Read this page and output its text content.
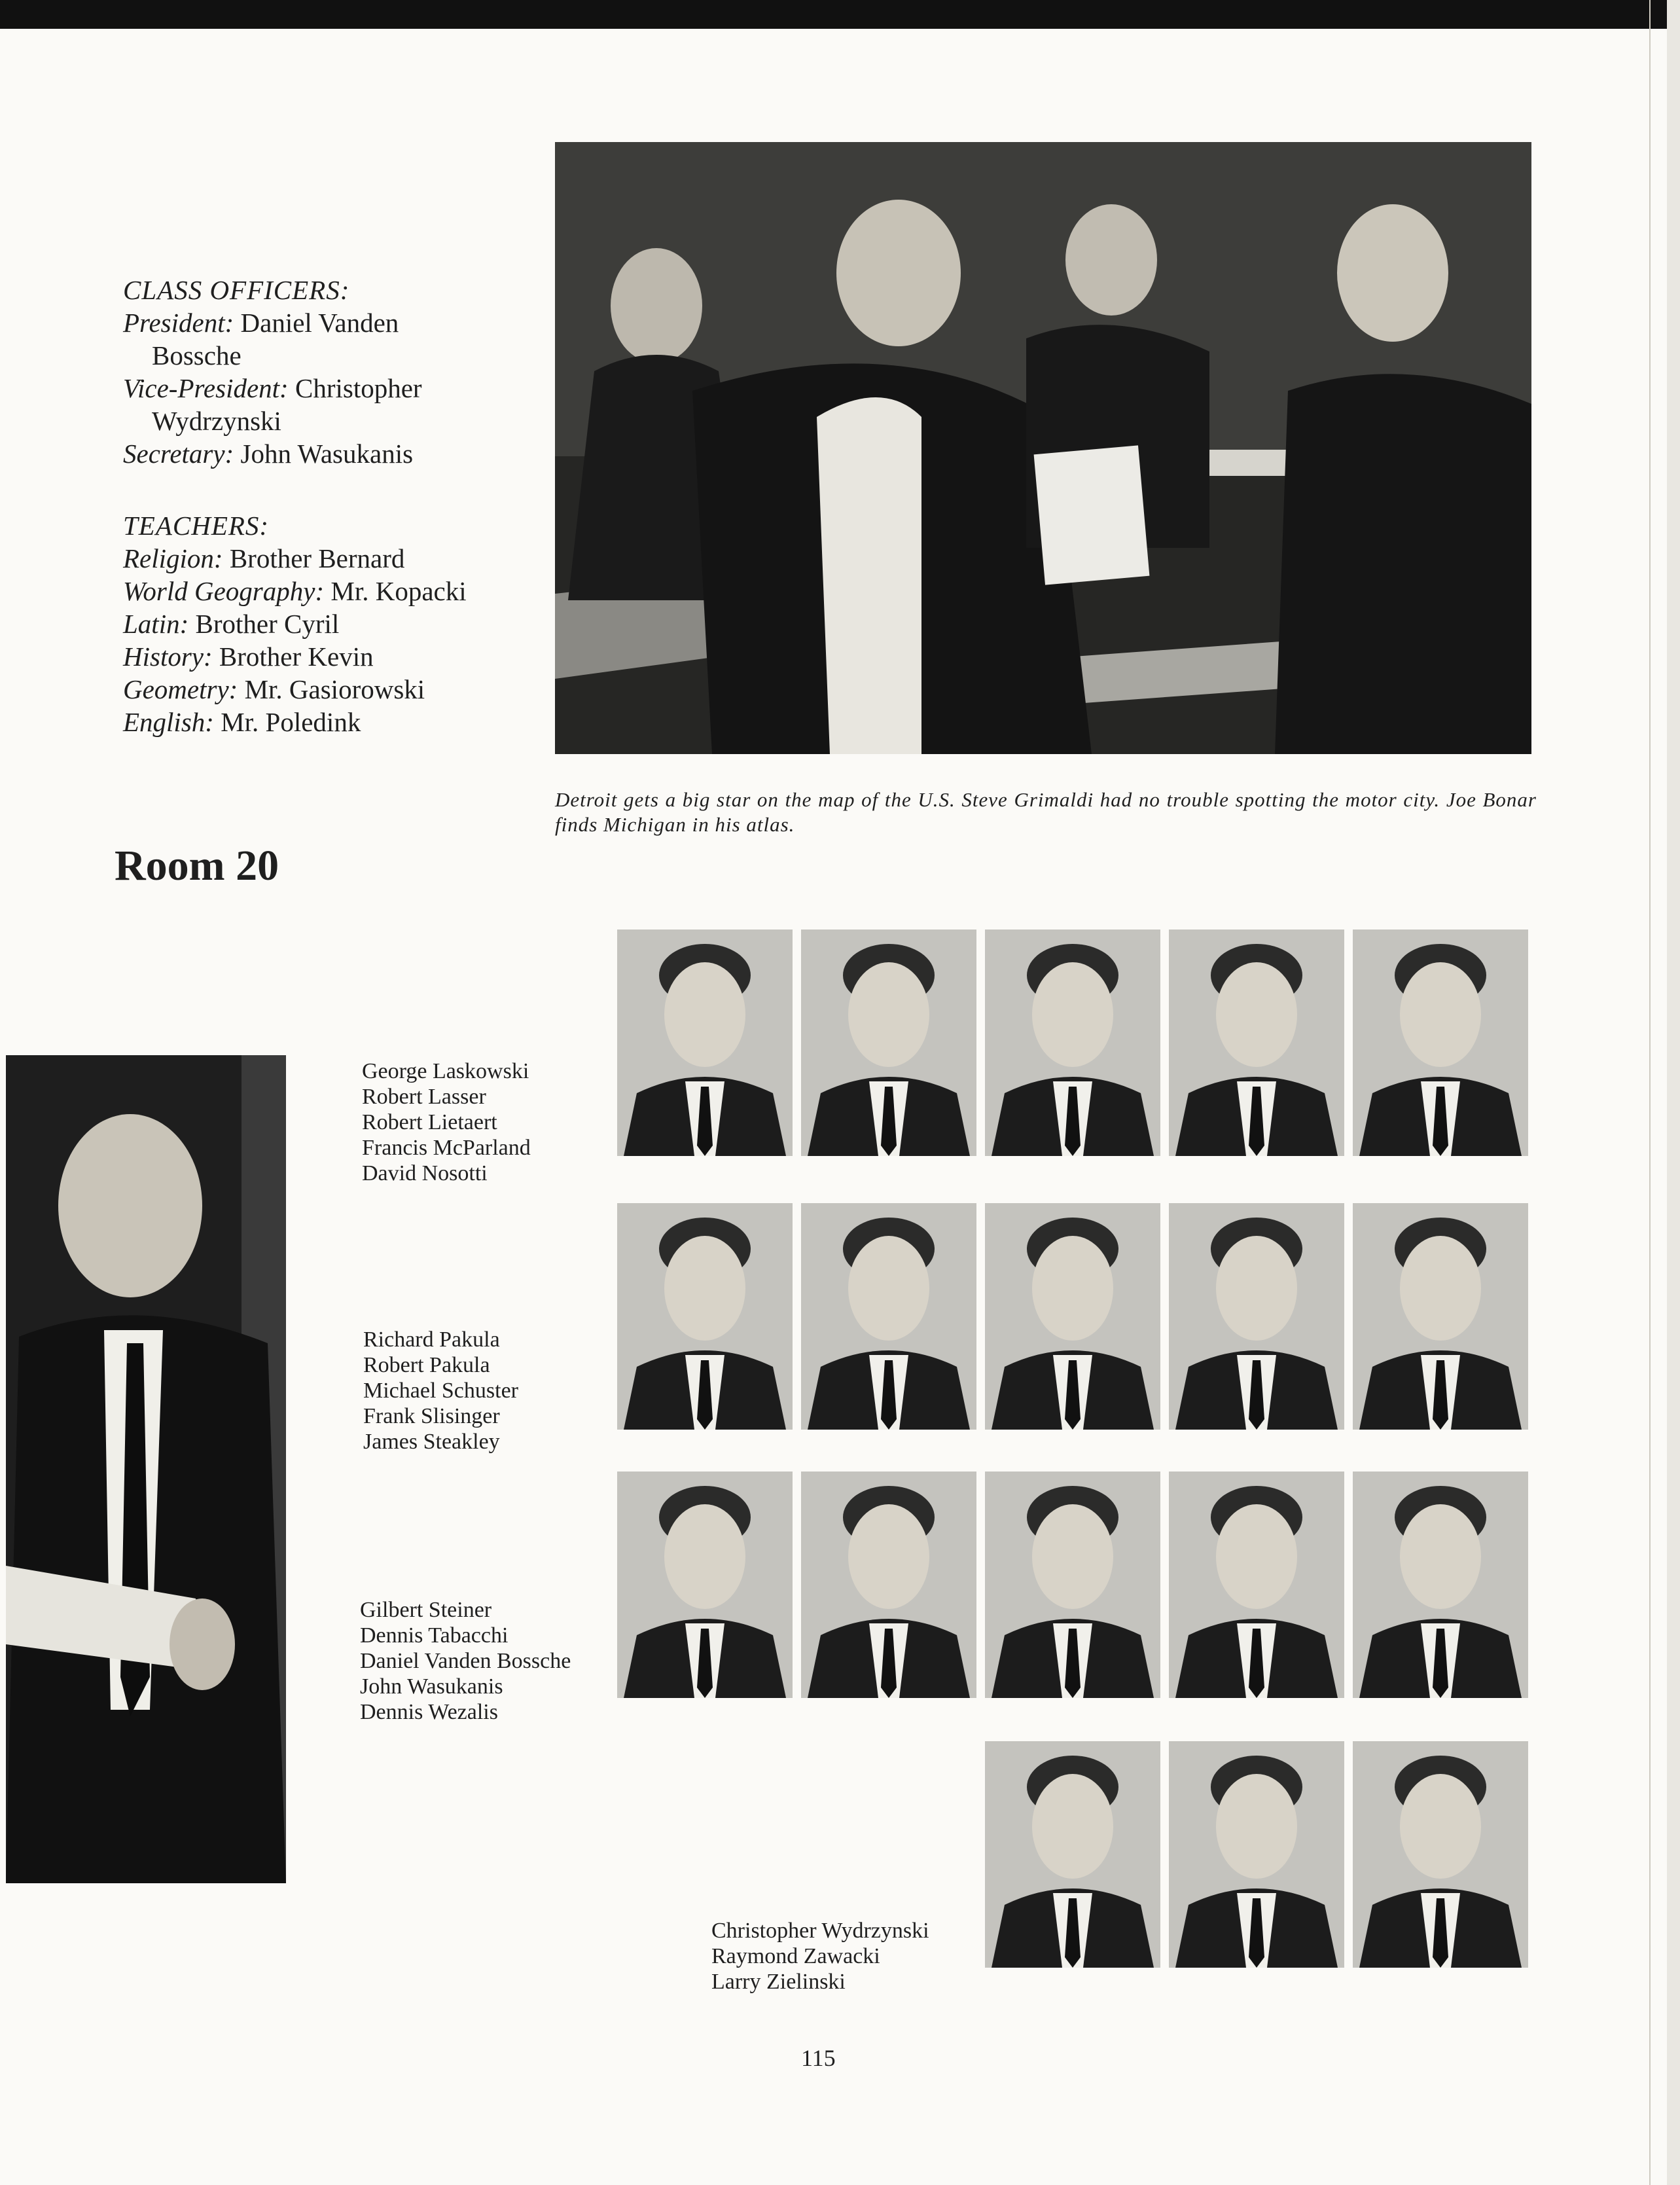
CLASS OFFICERS:
President: Daniel Vanden
Bossche
Vice-President: Christopher
Wydrzynski
Secretary: John Wasukanis
TEACHERS:
Religion: Brother Bernard
World Geography: Mr. Kopacki
Latin: Brother Cyril
History: Brother Kevin
Geometry: Mr. Gasiorowski
English: Mr. Poledink
Room 20
Detroit gets a big star on the map of the U.S. Steve Grimaldi had no trouble spotting the motor city. Joe Bonar finds Michigan in his atlas.
George Laskowski
Robert Lasser
Robert Lietaert
Francis McParland
David Nosotti
Richard Pakula
Robert Pakula
Michael Schuster
Frank Slisinger
James Steakley
Gilbert Steiner
Dennis Tabacchi
Daniel Vanden Bossche
John Wasukanis
Dennis Wezalis
Christopher Wydrzynski
Raymond Zawacki
Larry Zielinski
115
